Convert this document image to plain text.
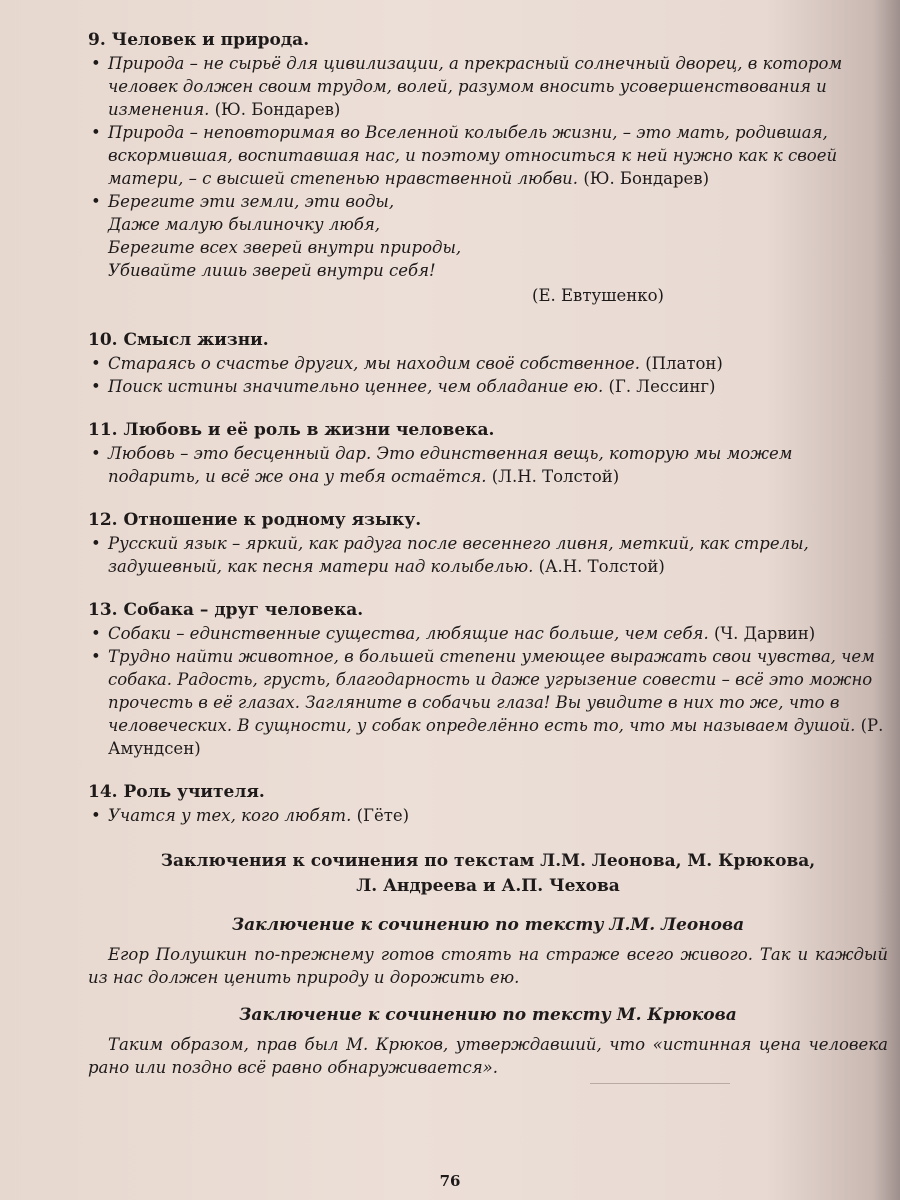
9. Человек и природа.

• Природа – не сырьё для цивилизации, а прекрасный солнечный дворец, в котором человек должен своим трудом, волей, разумом вносить усовершенствования и изменения. (Ю. Бондарев)
• Природа – неповторимая во Вселенной колыбель жизни, – это мать, родившая, вскормившая, воспитавшая нас, и поэтому относиться к ней нужно как к своей матери, – с высшей степенью нравственной любви. (Ю. Бондарев)
• Берегите эти земли, эти воды,
Даже малую былиночку любя,
Берегите всех зверей внутри природы,
Убивайте лишь зверей внутри себя!
(Е. Евтушенко)

10. Смысл жизни.

• Стараясь о счастье других, мы находим своё собственное. (Платон)
• Поиск истины значительно ценнее, чем обладание ею. (Г. Лессинг)

11. Любовь и её роль в жизни человека.

• Любовь – это бесценный дар. Это единственная вещь, которую мы можем подарить, и всё же она у тебя остаётся. (Л.Н. Толстой)

12. Отношение к родному языку.

• Русский язык – яркий, как радуга после весеннего ливня, меткий, как стрелы, задушевный, как песня матери над колыбелью. (А.Н. Толстой)

13. Собака – друг человека.

• Собаки – единственные существа, любящие нас больше, чем себя. (Ч. Дарвин)
• Трудно найти животное, в большей степени умеющее выражать свои чувства, чем собака. Радость, грусть, благодарность и даже угрызение совести – всё это можно прочесть в её глазах. Загляните в собачьи глаза! Вы увидите в них то же, что в человеческих. В сущности, у собак определённо есть то, что мы называем душой. (Р. Амундсен)

14. Роль учителя.

• Учатся у тех, кого любят. (Гёте)
Заключения к сочинения по текстам Л.М. Леонова, М. Крюкова,
Л. Андреева и А.П. Чехова
Заключение к сочинению по тексту Л.М. Леонова
Егор Полушкин по-прежнему готов стоять на страже всего живого. Так и каждый из нас должен ценить природу и дорожить ею.
Заключение к сочинению по тексту М. Крюкова
Таким образом, прав был М. Крюков, утверждавший, что «истинная цена человека рано или поздно всё равно обнаруживается».
76
